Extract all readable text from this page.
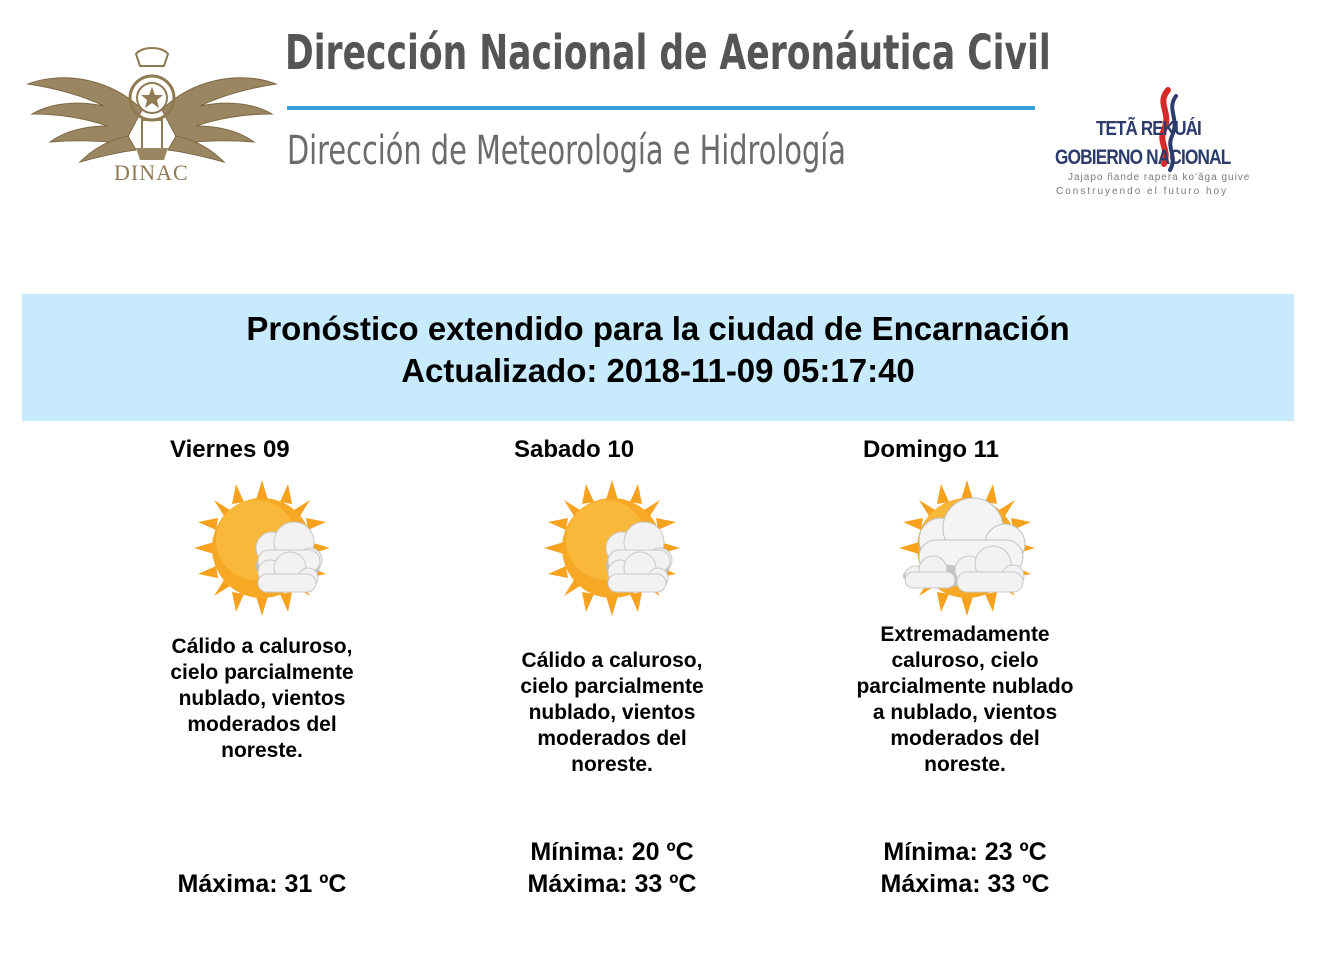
DINAC
Dirección Nacional de Aeronáutica Civil
Dirección de Meteorología e Hidrología	TETÃ REKUÁI
GOBIERNO NACIONAL
Jajapo ñande rapera ko'ãga guive
Construyendo el futuro hoy
Pronóstico extendido para la ciudad de Encarnación
Actualizado: 2018-11-09 05:17:40
Viernes 09
Cálido a caluroso, cielo parcialmente nublado, vientos moderados del noreste.
Máxima: 31 ºC
Sabado 10
Cálido a caluroso, cielo parcialmente nublado, vientos moderados del noreste.
Mínima: 20 ºC
Máxima: 33 ºC
Domingo 11
Extremadamente caluroso, cielo parcialmente nublado a nublado, vientos moderados del noreste.
Mínima: 23 ºC
Máxima: 33 ºC
